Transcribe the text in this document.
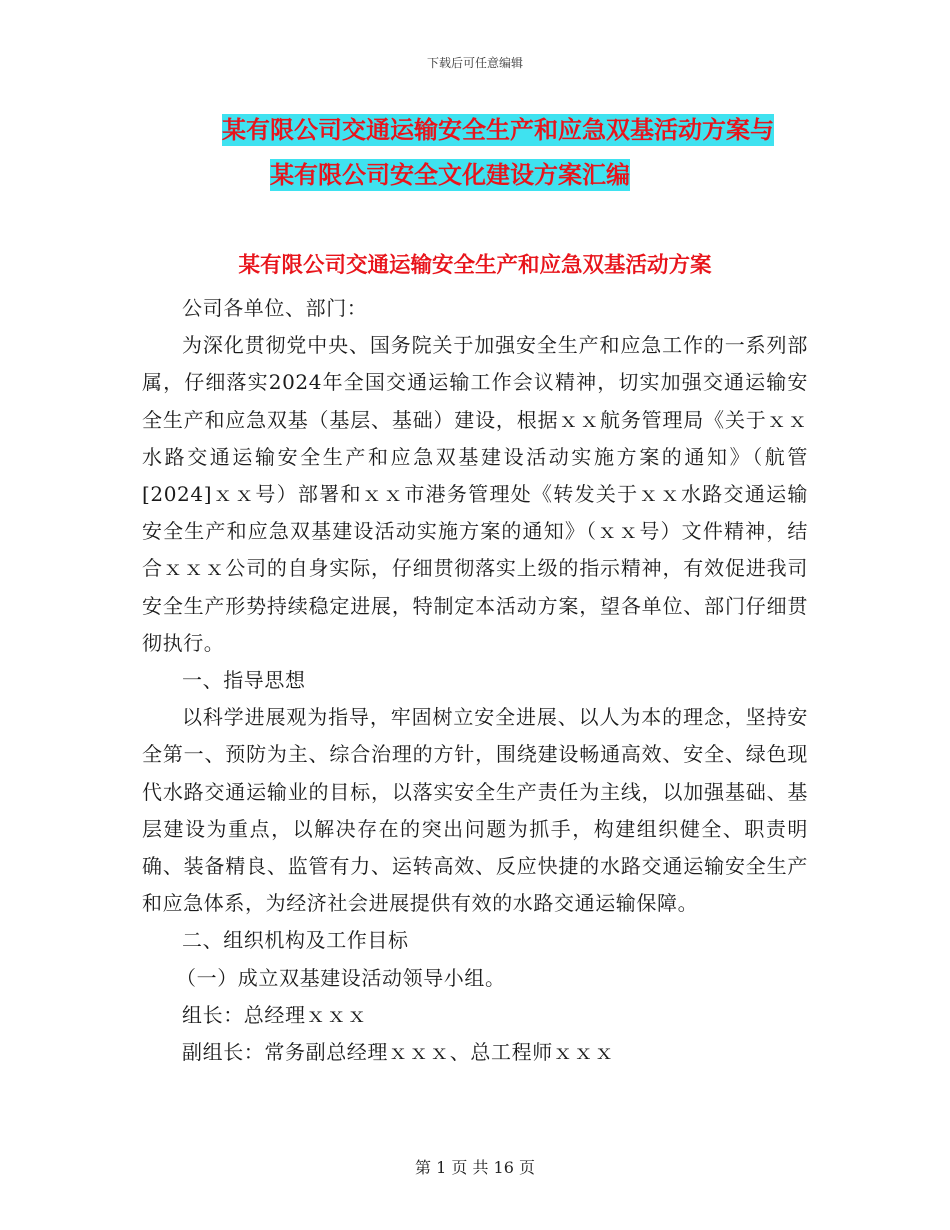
下载后可任意编辑
某有限公司交通运输安全生产和应急双基活动方案与
某有限公司安全文化建设方案汇编
某有限公司交通运输安全生产和应急双基活动方案

公司各单位、部门：

为深化贯彻党中央、国务院关于加强安全生产和应急工作的一系列部属，仔细落实2024年全国交通运输工作会议精神，切实加强交通运输安全生产和应急双基（基层、基础）建设，根据ｘｘ航务管理局《关于ｘｘ水路交通运输安全生产和应急双基建设活动实施方案的通知》（航管[2024]ｘｘ号）部署和ｘｘ市港务管理处《转发关于ｘｘ水路交通运输安全生产和应急双基建设活动实施方案的通知》（ｘｘ号）文件精神，结合ｘｘｘ公司的自身实际，仔细贯彻落实上级的指示精神，有效促进我司安全生产形势持续稳定进展，特制定本活动方案，望各单位、部门仔细贯彻执行。

一、指导思想

以科学进展观为指导，牢固树立安全进展、以人为本的理念，坚持安全第一、预防为主、综合治理的方针，围绕建设畅通高效、安全、绿色现代水路交通运输业的目标，以落实安全生产责任为主线，以加强基础、基层建设为重点，以解决存在的突出问题为抓手，构建组织健全、职责明确、装备精良、监管有力、运转高效、反应快捷的水路交通运输安全生产和应急体系，为经济社会进展提供有效的水路交通运输保障。

二、组织机构及工作目标

（一）成立双基建设活动领导小组。

组长：总经理ｘｘｘ

副组长：常务副总经理ｘｘｘ、总工程师ｘｘｘ

第 1 页 共 16 页
